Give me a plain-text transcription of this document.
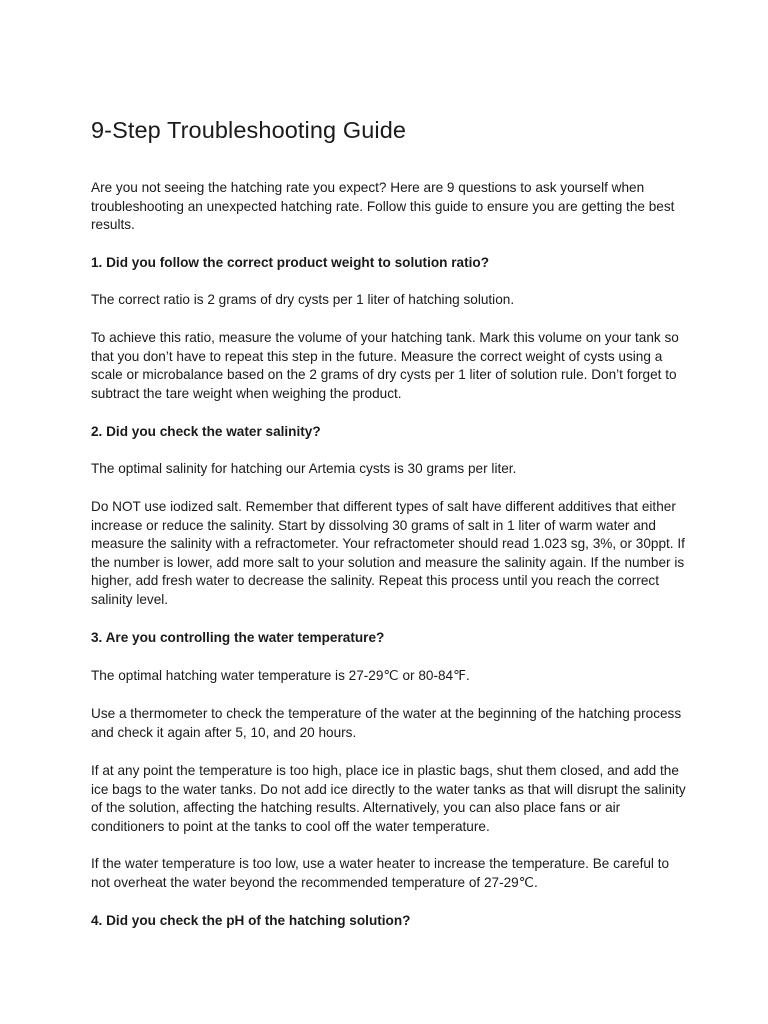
9-Step Troubleshooting Guide

Are you not seeing the hatching rate you expect? Here are 9 questions to ask yourself when troubleshooting an unexpected hatching rate. Follow this guide to ensure you are getting the best results.

1. Did you follow the correct product weight to solution ratio?

The correct ratio is 2 grams of dry cysts per 1 liter of hatching solution.

To achieve this ratio, measure the volume of your hatching tank. Mark this volume on your tank so that you don’t have to repeat this step in the future. Measure the correct weight of cysts using a scale or microbalance based on the 2 grams of dry cysts per 1 liter of solution rule. Don’t forget to subtract the tare weight when weighing the product.

2. Did you check the water salinity?

The optimal salinity for hatching our Artemia cysts is 30 grams per liter.

Do NOT use iodized salt. Remember that different types of salt have different additives that either increase or reduce the salinity. Start by dissolving 30 grams of salt in 1 liter of warm water and measure the salinity with a refractometer. Your refractometer should read 1.023 sg, 3%, or 30ppt. If the number is lower, add more salt to your solution and measure the salinity again. If the number is higher, add fresh water to decrease the salinity. Repeat this process until you reach the correct salinity level.

3. Are you controlling the water temperature?

The optimal hatching water temperature is 27-29℃ or 80-84℉.

Use a thermometer to check the temperature of the water at the beginning of the hatching process and check it again after 5, 10, and 20 hours.

If at any point the temperature is too high, place ice in plastic bags, shut them closed, and add the ice bags to the water tanks. Do not add ice directly to the water tanks as that will disrupt the salinity of the solution, affecting the hatching results. Alternatively, you can also place fans or air conditioners to point at the tanks to cool off the water temperature.

If the water temperature is too low, use a water heater to increase the temperature. Be careful to not overheat the water beyond the recommended temperature of 27-29℃.

4. Did you check the pH of the hatching solution?
